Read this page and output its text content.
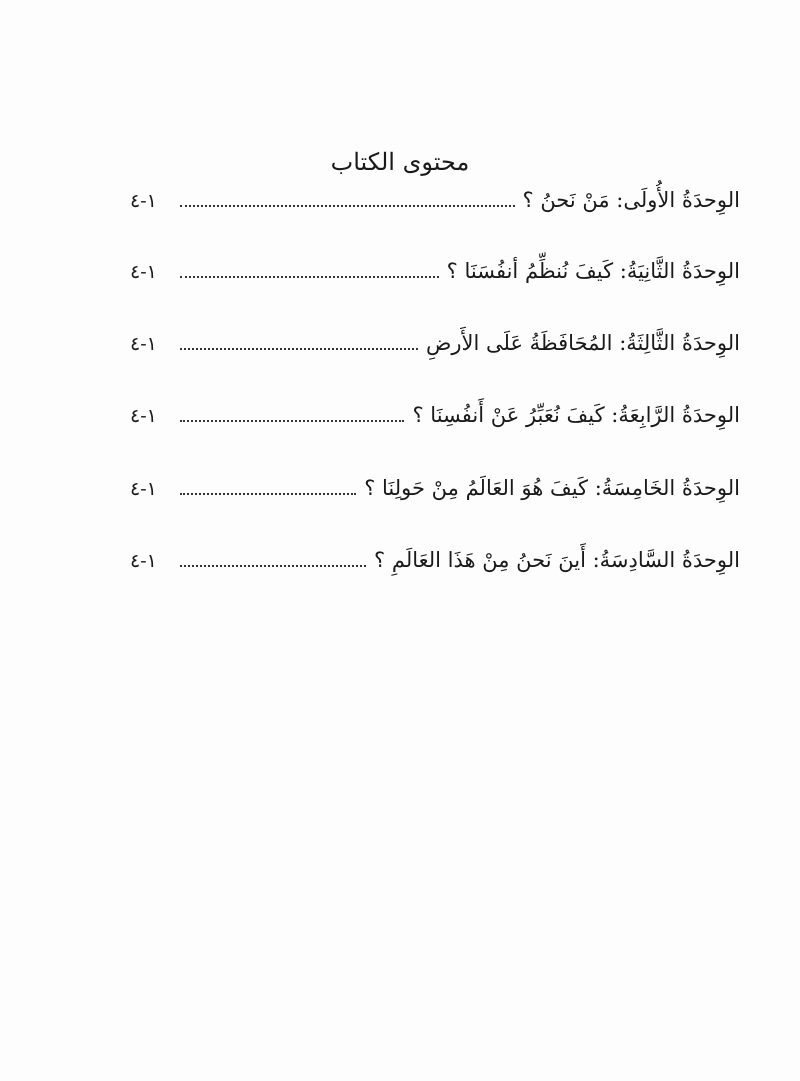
محتوى الكتاب
الوِحدَةُ الأُولَى: مَنْ نَحنُ ؟
١-٤
الوِحدَةُ الثَّانِيَةُ: كَيفَ نُنظِّمُ أنفُسَنَا ؟
١-٤
الوِحدَةُ الثَّالِثَةُ: المُحَافَظَةُ عَلَى الأَرضِ
١-٤
الوِحدَةُ الرَّابِعَةُ: كَيفَ نُعَبِّرُ عَنْ أَنفُسِنَا ؟
١-٤
الوِحدَةُ الخَامِسَةُ: كَيفَ هُوَ العَالَمُ مِنْ حَولِنَا ؟
١-٤
الوِحدَةُ السَّادِسَةُ: أَينَ نَحنُ مِنْ هَذَا العَالَمِ ؟
١-٤
